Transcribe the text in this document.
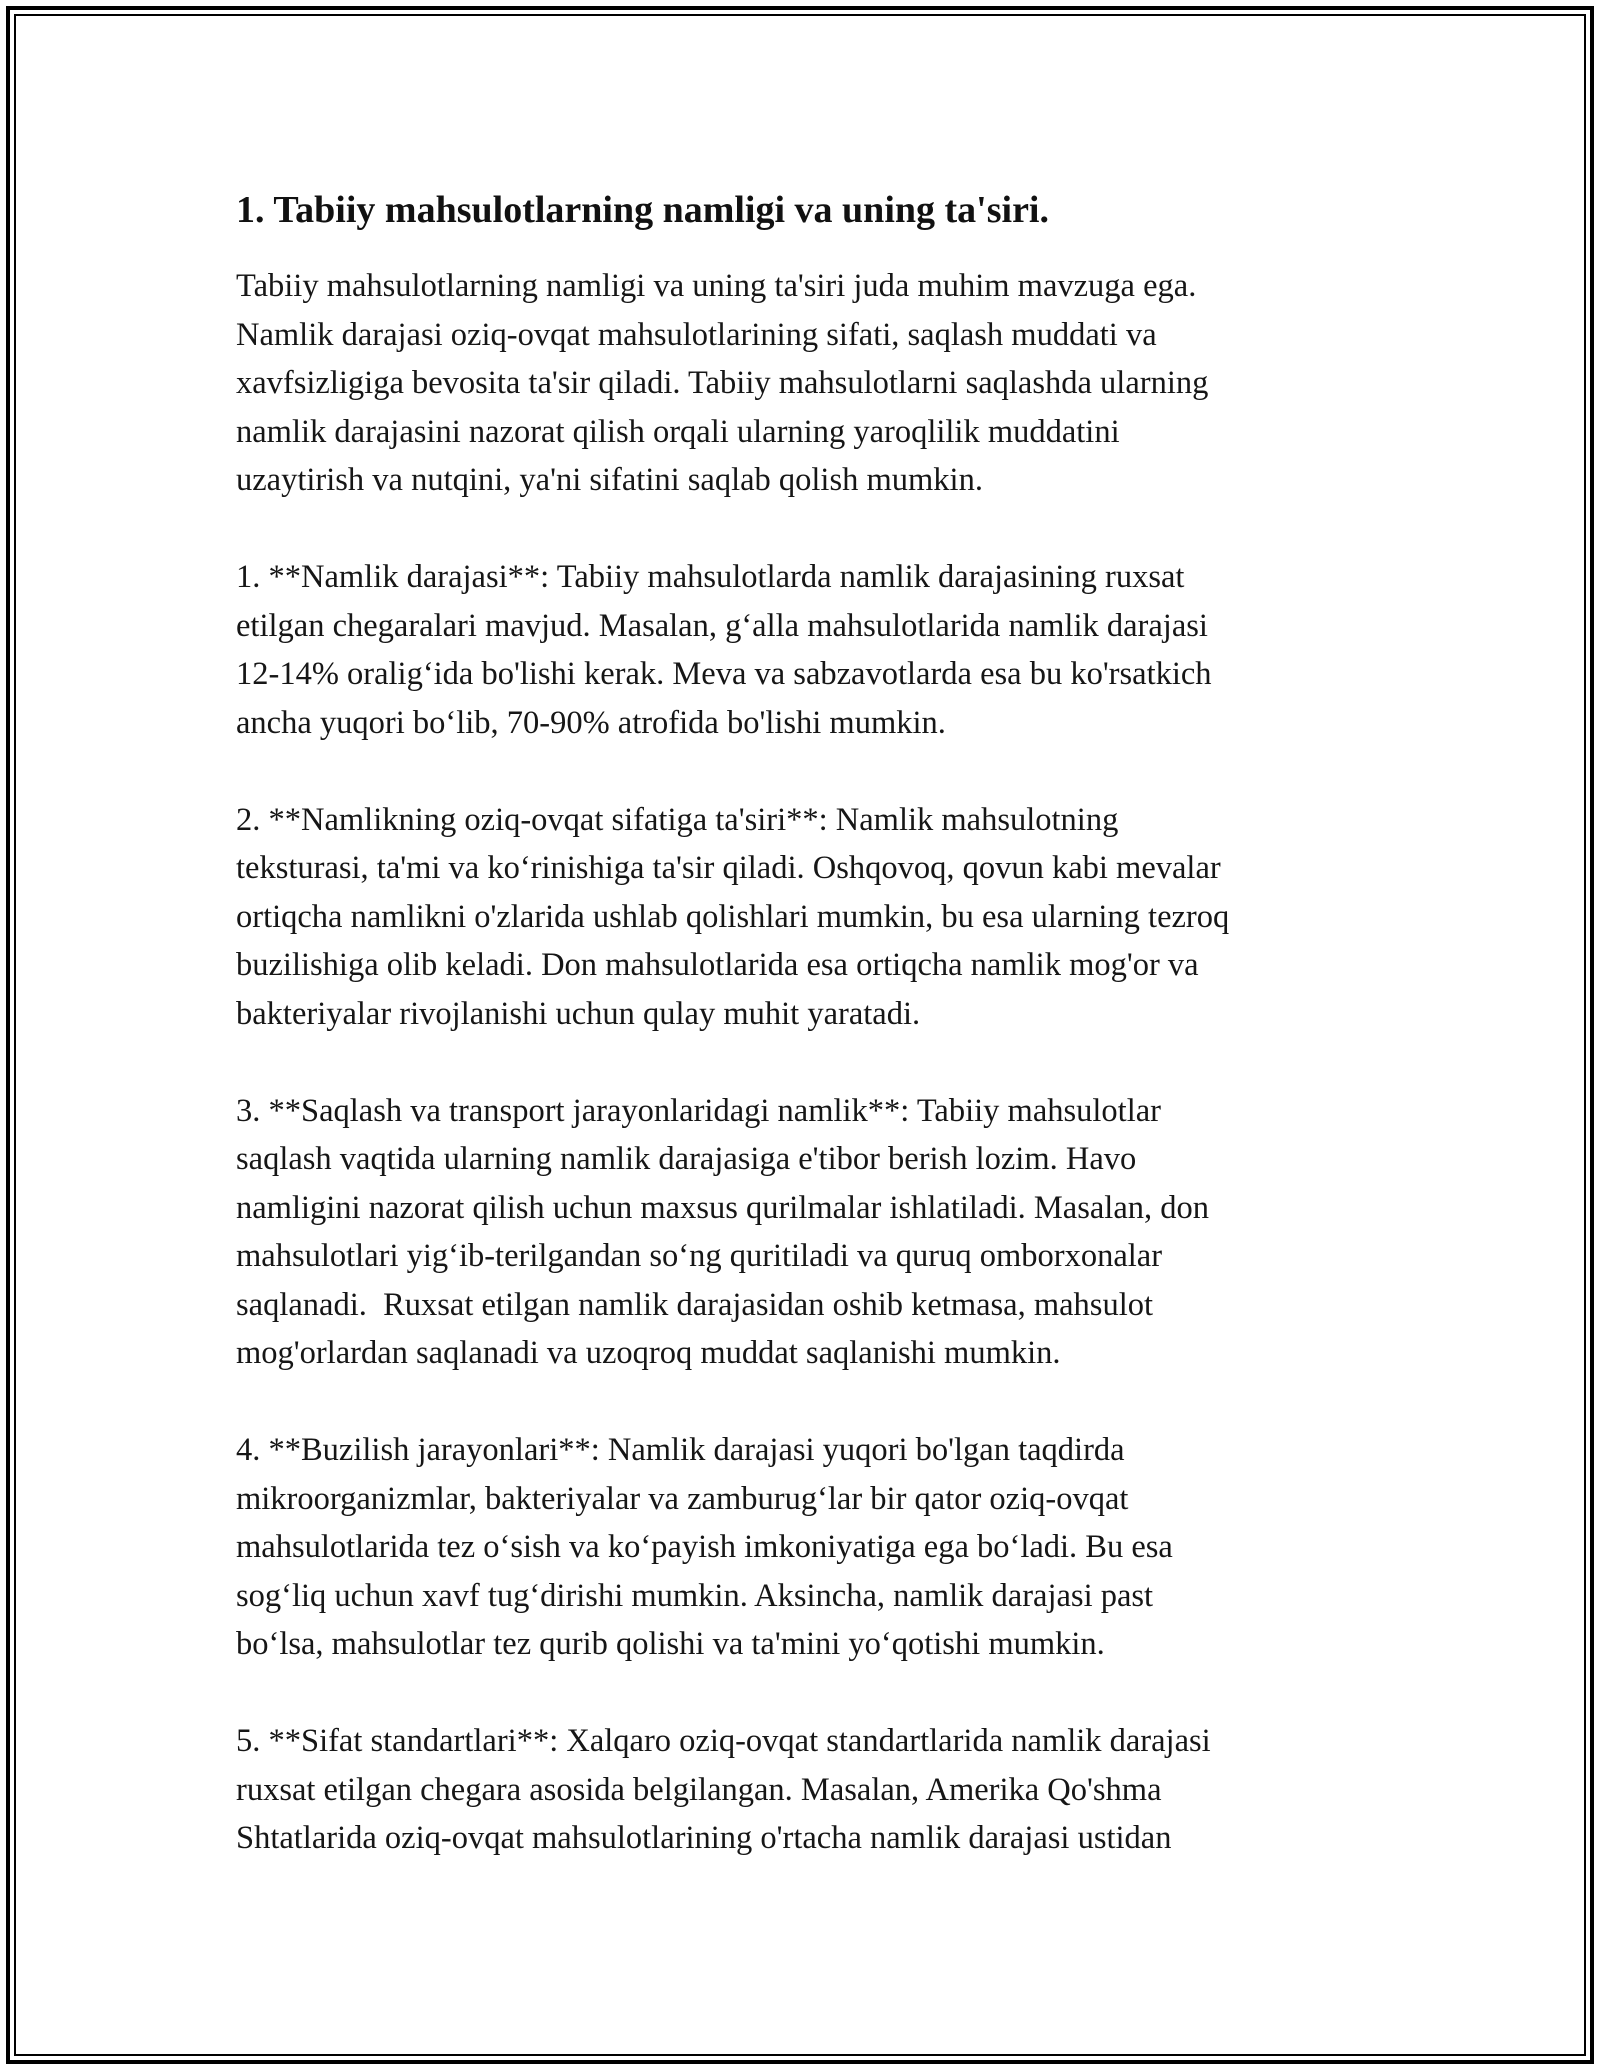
1. Tabiiy mahsulotlarning namligi va uning ta'siri.

Tabiiy mahsulotlarning namligi va uning ta'siri juda muhim mavzuga ega.
Namlik darajasi oziq-ovqat mahsulotlarining sifati, saqlash muddati va
xavfsizligiga bevosita ta'sir qiladi. Tabiiy mahsulotlarni saqlashda ularning
namlik darajasini nazorat qilish orqali ularning yaroqlilik muddatini
uzaytirish va nutqini, ya'ni sifatini saqlab qolish mumkin.

1. **Namlik darajasi**: Tabiiy mahsulotlarda namlik darajasining ruxsat
etilgan chegaralari mavjud. Masalan, g‘alla mahsulotlarida namlik darajasi
12-14% oralig‘ida bo'lishi kerak. Meva va sabzavotlarda esa bu ko'rsatkich
ancha yuqori bo‘lib, 70-90% atrofida bo'lishi mumkin.

2. **Namlikning oziq-ovqat sifatiga ta'siri**: Namlik mahsulotning
teksturasi, ta'mi va ko‘rinishiga ta'sir qiladi. Oshqovoq, qovun kabi mevalar
ortiqcha namlikni o'zlarida ushlab qolishlari mumkin, bu esa ularning tezroq
buzilishiga olib keladi. Don mahsulotlarida esa ortiqcha namlik mog'or va
bakteriyalar rivojlanishi uchun qulay muhit yaratadi.

3. **Saqlash va transport jarayonlaridagi namlik**: Tabiiy mahsulotlar
saqlash vaqtida ularning namlik darajasiga e'tibor berish lozim. Havo
namligini nazorat qilish uchun maxsus qurilmalar ishlatiladi. Masalan, don
mahsulotlari yig‘ib-terilgandan so‘ng quritiladi va quruq omborxonalar
saqlanadi.  Ruxsat etilgan namlik darajasidan oshib ketmasa, mahsulot
mog'orlardan saqlanadi va uzoqroq muddat saqlanishi mumkin.

4. **Buzilish jarayonlari**: Namlik darajasi yuqori bo'lgan taqdirda
mikroorganizmlar, bakteriyalar va zamburug‘lar bir qator oziq-ovqat
mahsulotlarida tez o‘sish va ko‘payish imkoniyatiga ega bo‘ladi. Bu esa
sog‘liq uchun xavf tug‘dirishi mumkin. Aksincha, namlik darajasi past
bo‘lsa, mahsulotlar tez qurib qolishi va ta'mini yo‘qotishi mumkin.

5. **Sifat standartlari**: Xalqaro oziq-ovqat standartlarida namlik darajasi
ruxsat etilgan chegara asosida belgilangan. Masalan, Amerika Qo'shma
Shtatlarida oziq-ovqat mahsulotlarining o'rtacha namlik darajasi ustidan
